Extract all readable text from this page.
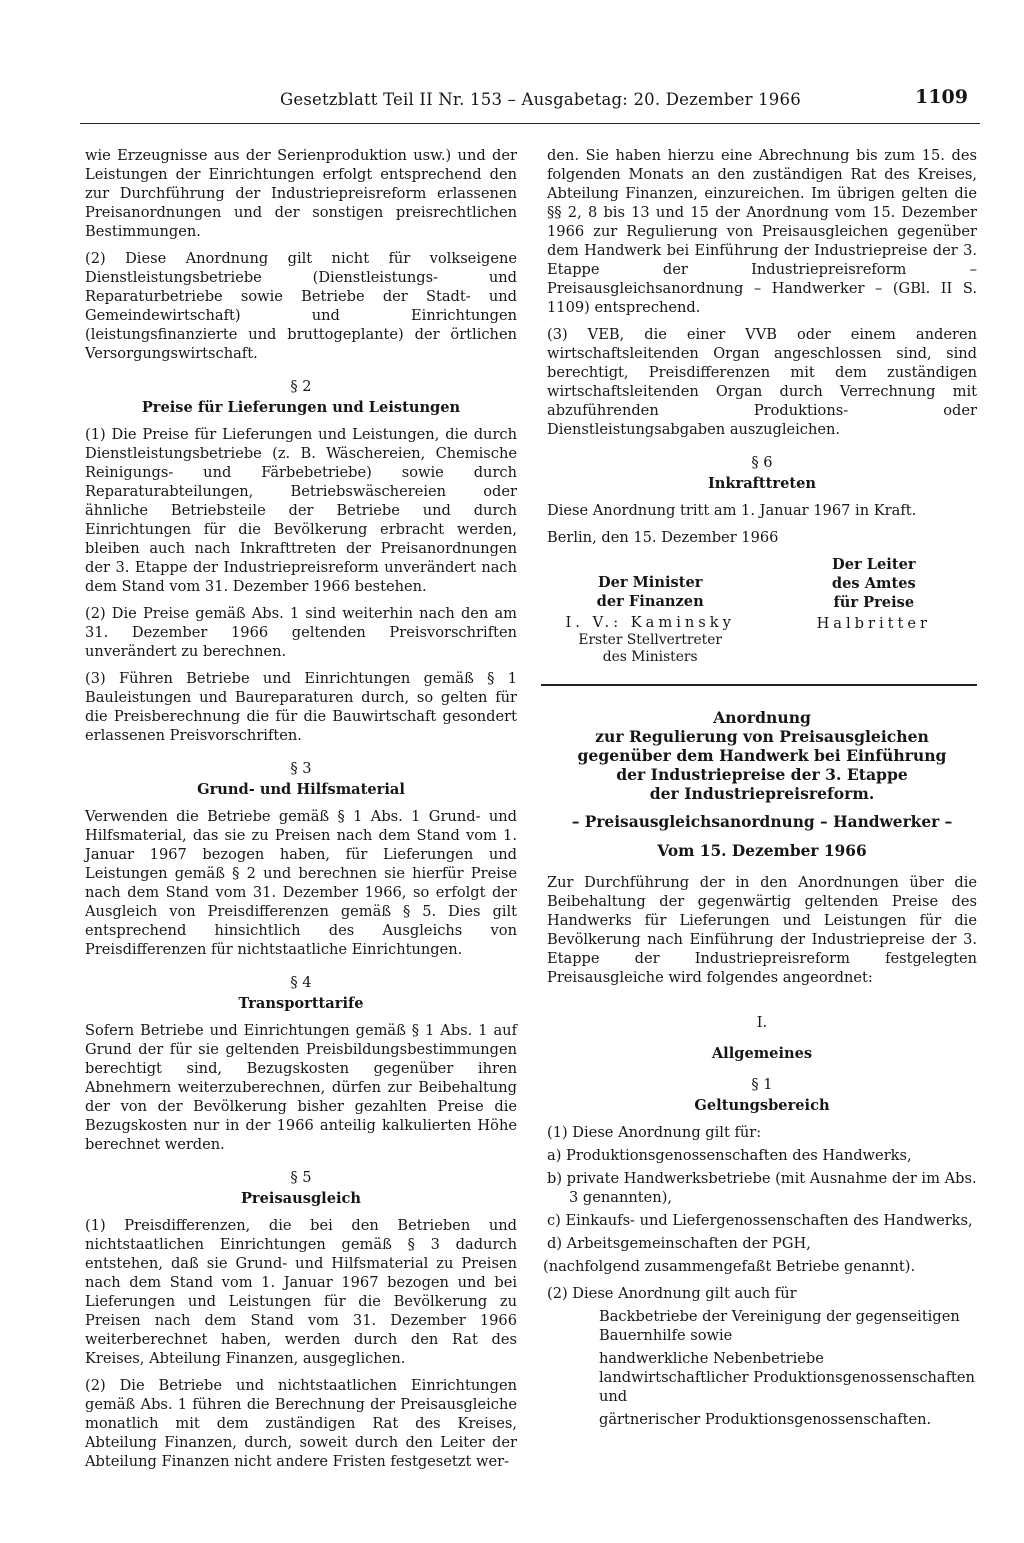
Gesetzblatt Teil II Nr. 153 – Ausgabetag: 20. Dezember 1966	1109

wie Erzeugnisse aus der Serienproduktion usw.) und der Leistungen der Einrichtungen erfolgt entsprechend den zur Durchführung der Industriepreisreform erlassenen Preisanordnungen und der sonstigen preisrechtlichen Bestimmungen.

(2) Diese Anordnung gilt nicht für volkseigene Dienstleistungsbetriebe (Dienstleistungs- und Reparaturbetriebe sowie Betriebe der Stadt- und Gemeindewirtschaft) und Einrichtungen (leistungsfinanzierte und bruttogeplante) der örtlichen Versorgungswirtschaft.

§ 2
Preise für Lieferungen und Leistungen

(1) Die Preise für Lieferungen und Leistungen, die durch Dienstleistungsbetriebe (z. B. Wäschereien, Chemische Reinigungs- und Färbebetriebe) sowie durch Reparaturabteilungen, Betriebswäschereien oder ähnliche Betriebsteile der Betriebe und durch Einrichtungen für die Bevölkerung erbracht werden, bleiben auch nach Inkrafttreten der Preisanordnungen der 3. Etappe der Industriepreisreform unverändert nach dem Stand vom 31. Dezember 1966 bestehen.

(2) Die Preise gemäß Abs. 1 sind weiterhin nach den am 31. Dezember 1966 geltenden Preisvorschriften unverändert zu berechnen.

(3) Führen Betriebe und Einrichtungen gemäß § 1 Bauleistungen und Baureparaturen durch, so gelten für die Preisberechnung die für die Bauwirtschaft gesondert erlassenen Preisvorschriften.

§ 3
Grund- und Hilfsmaterial

Verwenden die Betriebe gemäß § 1 Abs. 1 Grund- und Hilfsmaterial, das sie zu Preisen nach dem Stand vom 1. Januar 1967 bezogen haben, für Lieferungen und Leistungen gemäß § 2 und berechnen sie hierfür Preise nach dem Stand vom 31. Dezember 1966, so erfolgt der Ausgleich von Preisdifferenzen gemäß § 5. Dies gilt entsprechend hinsichtlich des Ausgleichs von Preisdifferenzen für nichtstaatliche Einrichtungen.

§ 4
Transporttarife

Sofern Betriebe und Einrichtungen gemäß § 1 Abs. 1 auf Grund der für sie geltenden Preisbildungsbestimmungen berechtigt sind, Bezugskosten gegenüber ihren Abnehmern weiterzuberechnen, dürfen zur Beibehaltung der von der Bevölkerung bisher gezahlten Preise die Bezugskosten nur in der 1966 anteilig kalkulierten Höhe berechnet werden.

§ 5
Preisausgleich

(1) Preisdifferenzen, die bei den Betrieben und nichtstaatlichen Einrichtungen gemäß § 3 dadurch entstehen, daß sie Grund- und Hilfsmaterial zu Preisen nach dem Stand vom 1. Januar 1967 bezogen und bei Lieferungen und Leistungen für die Bevölkerung zu Preisen nach dem Stand vom 31. Dezember 1966 weiterberechnet haben, werden durch den Rat des Kreises, Abteilung Finanzen, ausgeglichen.

(2) Die Betriebe und nichtstaatlichen Einrichtungen gemäß Abs. 1 führen die Berechnung der Preisausgleiche monatlich mit dem zuständigen Rat des Kreises, Abteilung Finanzen, durch, soweit durch den Leiter der Abteilung Finanzen nicht andere Fristen festgesetzt wer-

den. Sie haben hierzu eine Abrechnung bis zum 15. des folgenden Monats an den zuständigen Rat des Kreises, Abteilung Finanzen, einzureichen. Im übrigen gelten die §§ 2, 8 bis 13 und 15 der Anordnung vom 15. Dezember 1966 zur Regulierung von Preisausgleichen gegenüber dem Handwerk bei Einführung der Industriepreise der 3. Etappe der Industriepreisreform – Preisausgleichsanordnung – Handwerker – (GBl. II S. 1109) entsprechend.

(3) VEB, die einer VVB oder einem anderen wirtschaftsleitenden Organ angeschlossen sind, sind berechtigt, Preisdifferenzen mit dem zuständigen wirtschaftsleitenden Organ durch Verrechnung mit abzuführenden Produktions- oder Dienstleistungsabgaben auszugleichen.

§ 6
Inkrafttreten

Diese Anordnung tritt am 1. Januar 1967 in Kraft.

Berlin, den 15. Dezember 1966

Der Minister
der Finanzen
I. V.: Kaminsky
Erster Stellvertreter
des Ministers
Der Leiter
des Amtes
für Preise
Halbritter
Anordnung
zur Regulierung von Preisausgleichen
gegenüber dem Handwerk bei Einführung
der Industriepreise der 3. Etappe
der Industriepreisreform.
– Preisausgleichsanordnung – Handwerker –
Vom 15. Dezember 1966

Zur Durchführung der in den Anordnungen über die Beibehaltung der gegenwärtig geltenden Preise des Handwerks für Lieferungen und Leistungen für die Bevölkerung nach Einführung der Industriepreise der 3. Etappe der Industriepreisreform festgelegten Preisausgleiche wird folgendes angeordnet:

I.
Allgemeines
§ 1
Geltungsbereich

(1) Diese Anordnung gilt für:

a) Produktionsgenossenschaften des Handwerks,
b) private Handwerksbetriebe (mit Ausnahme der im Abs. 3 genannten),
c) Einkaufs- und Liefergenossenschaften des Handwerks,
d) Arbeitsgemeinschaften der PGH,

(nachfolgend zusammengefaßt Betriebe genannt).

(2) Diese Anordnung gilt auch für

Backbetriebe der Vereinigung der gegenseitigen Bauernhilfe sowie
handwerkliche Nebenbetriebe landwirtschaftlicher Produktionsgenossenschaften und
gärtnerischer Produktionsgenossenschaften.
